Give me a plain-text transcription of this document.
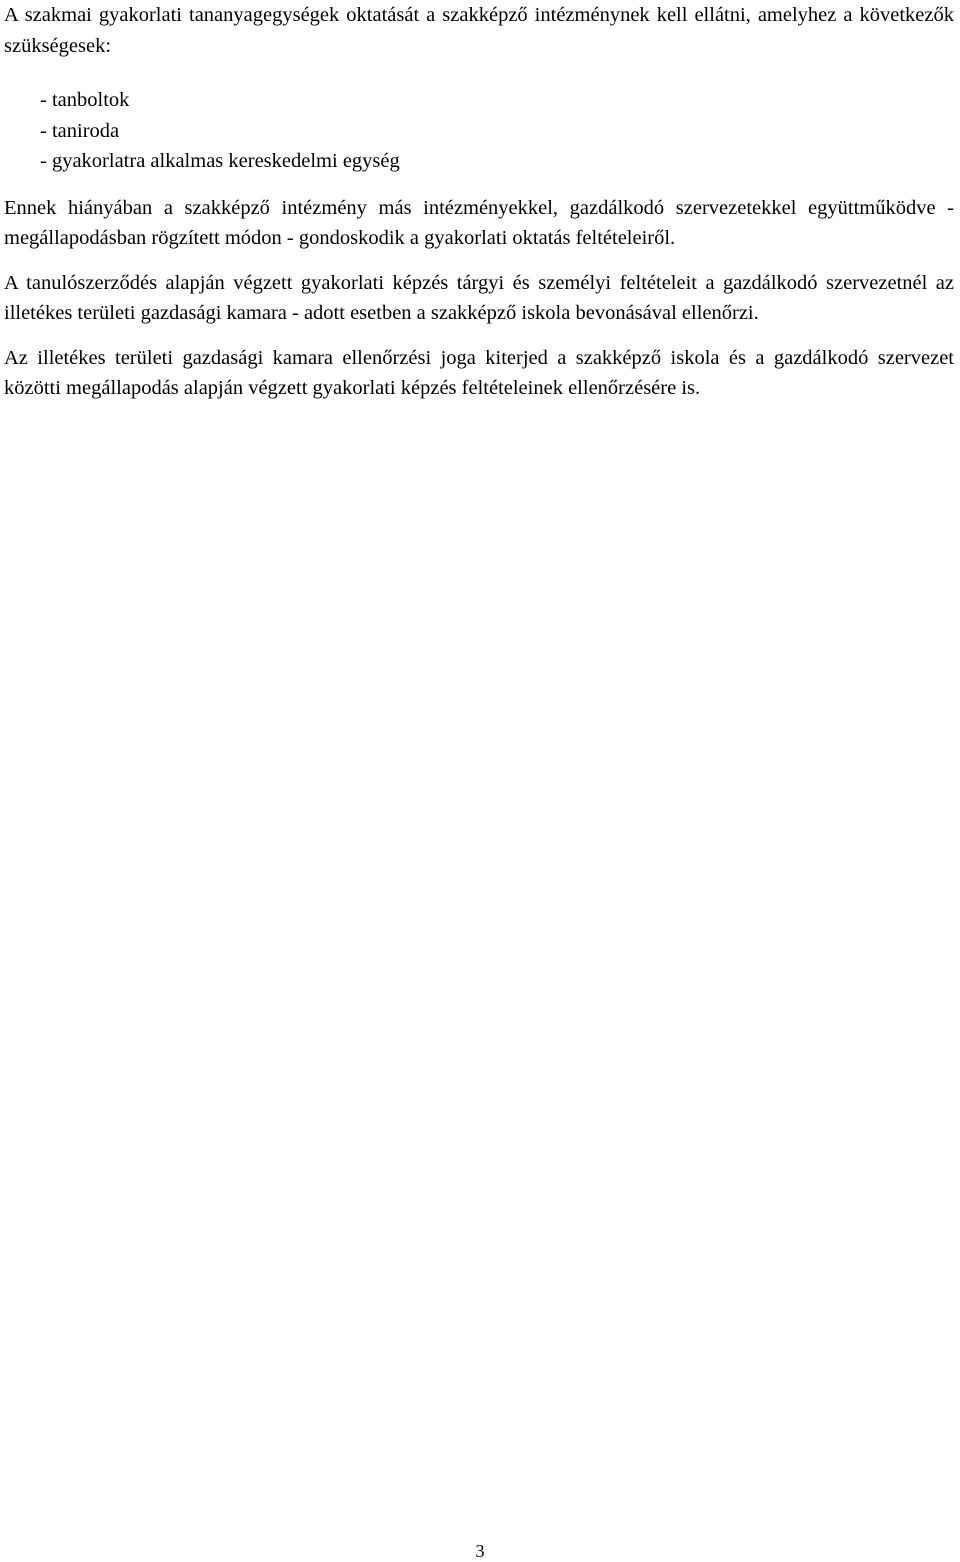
A szakmai gyakorlati tananyagegységek oktatását a szakképző intézménynek kell ellátni, amelyhez a következők szükségesek:

- tanboltok
- taniroda
- gyakorlatra alkalmas kereskedelmi egység

Ennek hiányában a szakképző intézmény más intézményekkel, gazdálkodó szervezetekkel együttműködve - megállapodásban rögzített módon - gondoskodik a gyakorlati oktatás feltételeiről.

A tanulószerződés alapján végzett gyakorlati képzés tárgyi és személyi feltételeit a gazdálkodó szervezetnél az illetékes területi gazdasági kamara - adott esetben a szakképző iskola bevonásával ellenőrzi.

Az illetékes területi gazdasági kamara ellenőrzési joga kiterjed a szakképző iskola és a gazdálkodó szervezet közötti megállapodás alapján végzett gyakorlati képzés feltételeinek ellenőrzésére is.

3
